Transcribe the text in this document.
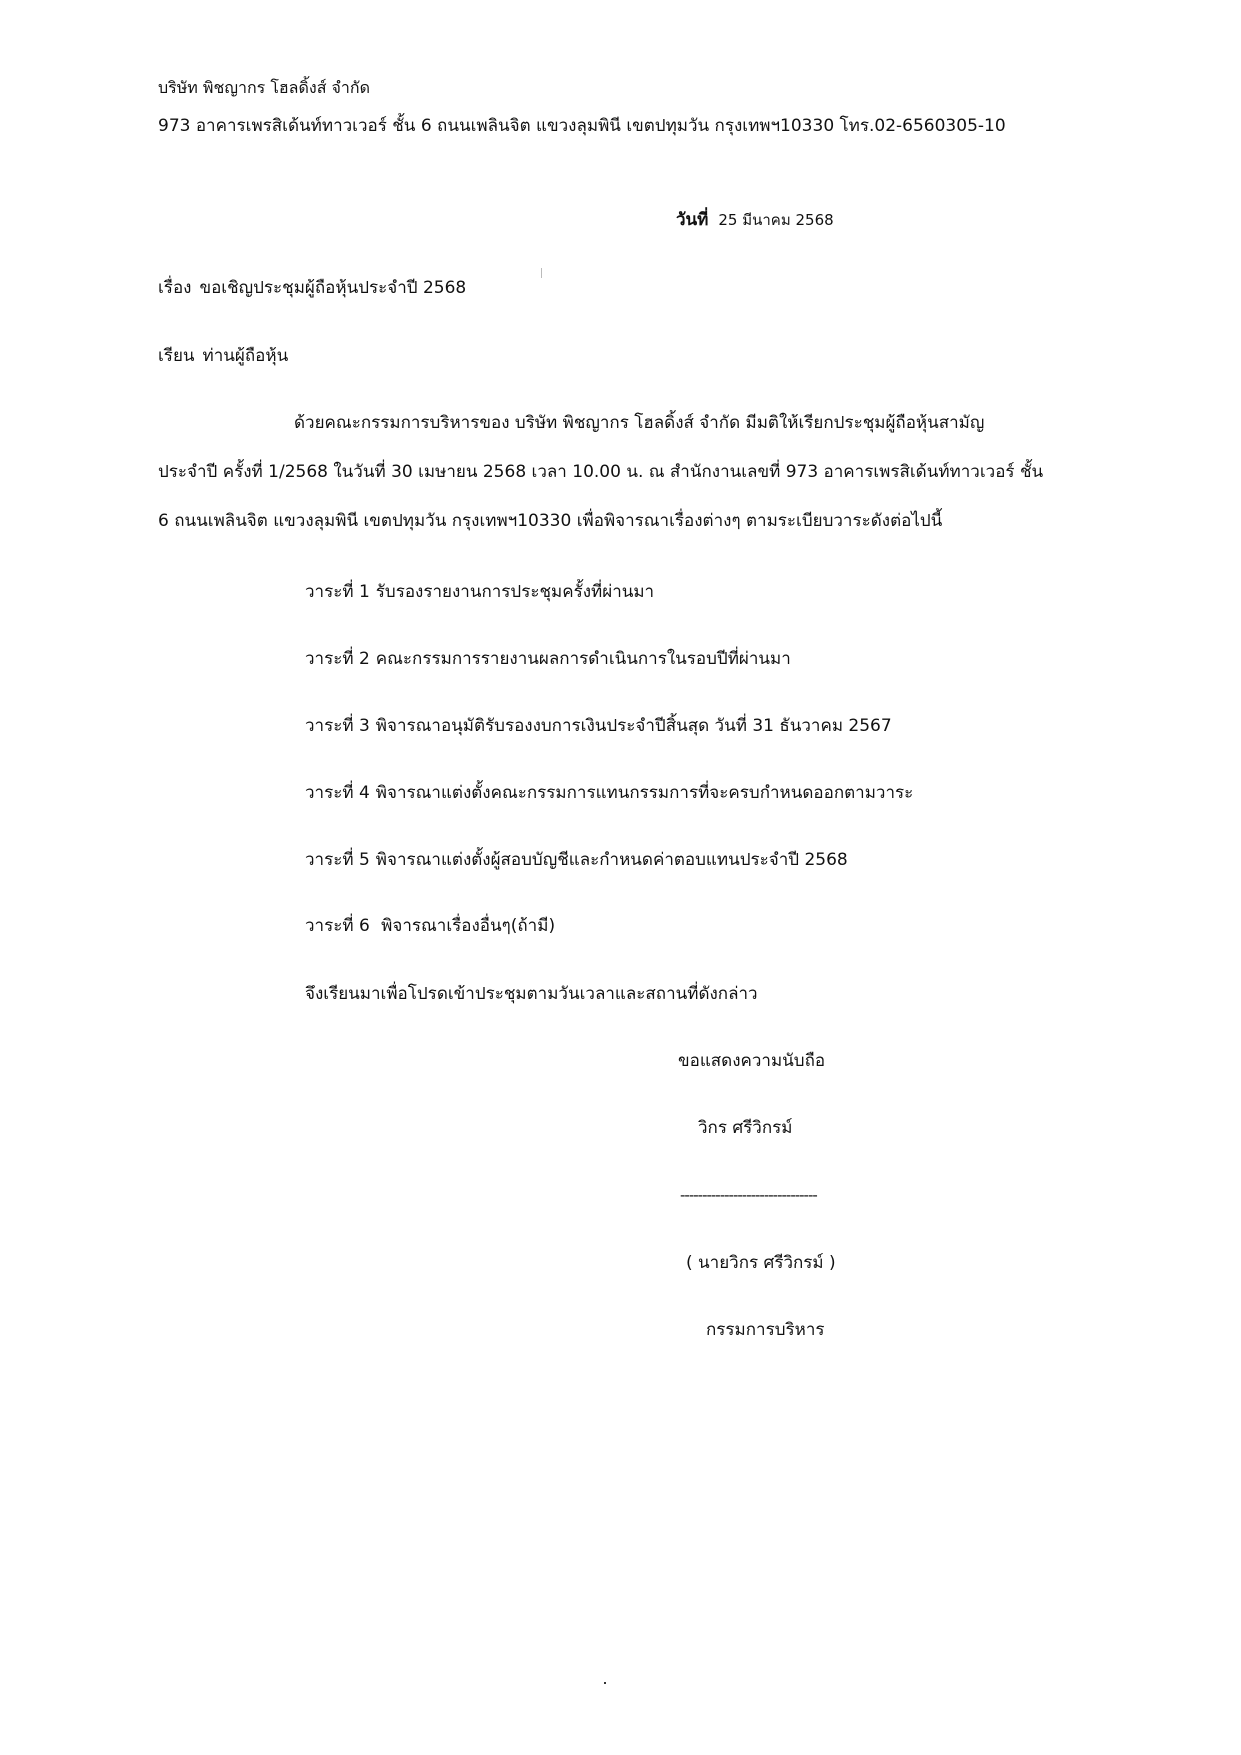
บริษัท พิชญากร โฮลดิ้งส์ จำกัด
973 อาคารเพรสิเด้นท์ทาวเวอร์ ชั้น 6 ถนนเพลินจิต แขวงลุมพินี เขตปทุมวัน กรุงเทพฯ10330 โทร.02-6560305-10
วันที่ 25 มีนาคม 2568
เรื่อง ขอเชิญประชุมผู้ถือหุ้นประจำปี 2568
เรียน ท่านผู้ถือหุ้น
ด้วยคณะกรรมการบริหารของ บริษัท พิชญากร โฮลดิ้งส์ จำกัด มีมติให้เรียกประชุมผู้ถือหุ้นสามัญ
ประจำปี ครั้งที่ 1/2568 ในวันที่ 30 เมษายน 2568 เวลา 10.00 น. ณ สำนักงานเลขที่ 973 อาคารเพรสิเด้นท์ทาวเวอร์ ชั้น
6 ถนนเพลินจิต แขวงลุมพินี เขตปทุมวัน กรุงเทพฯ10330 เพื่อพิจารณาเรื่องต่างๆ ตามระเบียบวาระดังต่อไปนี้
วาระที่ 1 รับรองรายงานการประชุมครั้งที่ผ่านมา
วาระที่ 2 คณะกรรมการรายงานผลการดำเนินการในรอบปีที่ผ่านมา
วาระที่ 3 พิจารณาอนุมัติรับรองงบการเงินประจำปีสิ้นสุด วันที่ 31 ธันวาคม 2567
วาระที่ 4 พิจารณาแต่งตั้งคณะกรรมการแทนกรรมการที่จะครบกำหนดออกตามวาระ
วาระที่ 5 พิจารณาแต่งตั้งผู้สอบบัญชีและกำหนดค่าตอบแทนประจำปี 2568
วาระที่ 6 พิจารณาเรื่องอื่นๆ(ถ้ามี)
จึงเรียนมาเพื่อโปรดเข้าประชุมตามวันเวลาและสถานที่ดังกล่าว
ขอแสดงความนับถือ
วิกร ศรีวิกรม์
-------------------------------
( นายวิกร ศรีวิกรม์ )
กรรมการบริหาร
